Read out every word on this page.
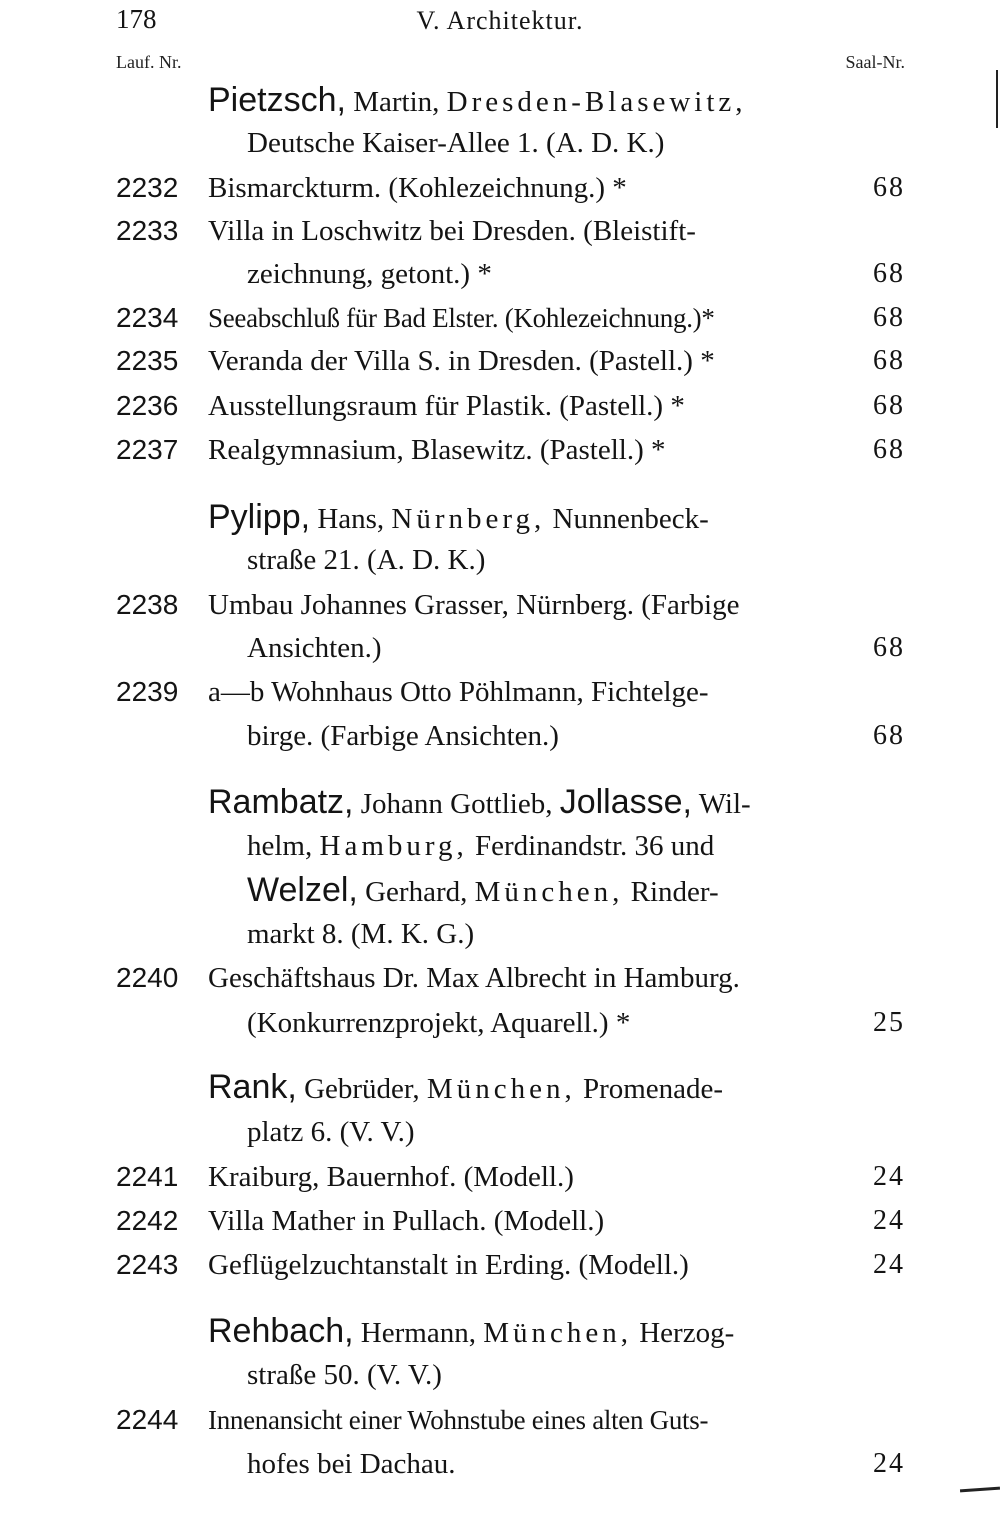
178	V. Architektur.
Lauf. Nr.	Saal-Nr.
Pietzsch, Martin, Dresden-Blasewitz,
Deutsche Kaiser-Allee 1. (A. D. K.)
2232 Bismarckturm. (Kohlezeichnung.) *	68
2233 Villa in Loschwitz bei Dresden. (Bleistift-
zeichnung, getont.) *	68
2234 Seeabschluß für Bad Elster. (Kohlezeichnung.)*	68
2235 Veranda der Villa S. in Dresden. (Pastell.) *	68
2236 Ausstellungsraum für Plastik. (Pastell.) *	68
2237 Realgymnasium, Blasewitz. (Pastell.) *	68
Pylipp, Hans, Nürnberg, Nunnenbeck-
straße 21. (A. D. K.)
2238 Umbau Johannes Grasser, Nürnberg. (Farbige
Ansichten.)	68
2239 a—b Wohnhaus Otto Pöhlmann, Fichtelge-
birge. (Farbige Ansichten.)	68
Rambatz, Johann Gottlieb, Jollasse, Wil-
helm, Hamburg, Ferdinandstr. 36 und
Welzel, Gerhard, München, Rinder-
markt 8. (M. K. G.)
2240 Geschäftshaus Dr. Max Albrecht in Hamburg.
(Konkurrenzprojekt, Aquarell.) *	25
Rank, Gebrüder, München, Promenade-
platz 6. (V. V.)
2241 Kraiburg, Bauernhof. (Modell.)	24
2242 Villa Mather in Pullach. (Modell.)	24
2243 Geflügelzuchtanstalt in Erding. (Modell.)	24
Rehbach, Hermann, München, Herzog-
straße 50. (V. V.)
2244 Innenansicht einer Wohnstube eines alten Guts-
hofes bei Dachau.	24
